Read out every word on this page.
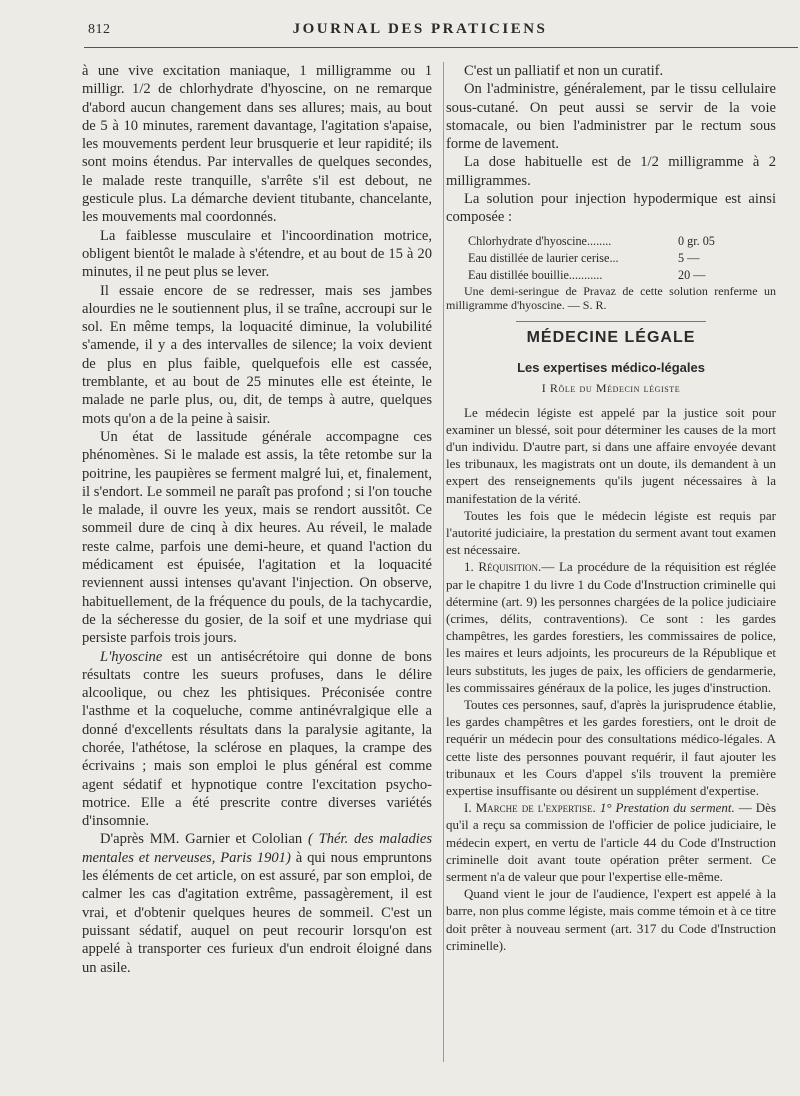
812	JOURNAL DES PRATICIENS

à une vive excitation maniaque, 1 milligramme ou 1 milligr. 1/2 de chlorhydrate d'hyoscine, on ne remarque d'abord aucun changement dans ses allures; mais, au bout de 5 à 10 minutes, rarement davantage, l'agitation s'apaise, les mouvements perdent leur brusquerie et leur rapidité; ils sont moins étendus. Par intervalles de quelques secondes, le malade reste tranquille, s'arrête s'il est debout, ne gesticule plus. La démarche devient titubante, chancelante, les mouvements mal coordonnés.

La faiblesse musculaire et l'incoordination motrice, obligent bientôt le malade à s'étendre, et au bout de 15 à 20 minutes, il ne peut plus se lever.

Il essaie encore de se redresser, mais ses jambes alourdies ne le soutiennent plus, il se traîne, accroupi sur le sol. En même temps, la loquacité diminue, la volubilité s'amende, il y a des intervalles de silence; la voix devient de plus en plus faible, quelquefois elle est cassée, tremblante, et au bout de 25 minutes elle est éteinte, le malade ne parle plus, ou, dit, de temps à autre, quelques mots qu'on a de la peine à saisir.

Un état de lassitude générale accompagne ces phénomènes. Si le malade est assis, la tête retombe sur la poitrine, les paupières se ferment malgré lui, et, finalement, il s'endort. Le sommeil ne paraît pas profond ; si l'on touche le malade, il ouvre les yeux, mais se rendort aussitôt. Ce sommeil dure de cinq à dix heures. Au réveil, le malade reste calme, parfois une demi-heure, et quand l'action du médicament est épuisée, l'agitation et la loquacité reviennent aussi intenses qu'avant l'injection. On observe, habituellement, de la fréquence du pouls, de la tachycardie, de la sécheresse du gosier, de la soif et une mydriase qui persiste parfois trois jours.

L'hyoscine est un antisécrétoire qui donne de bons résultats contre les sueurs profuses, dans le délire alcoolique, ou chez les phtisiques. Préconisée contre l'asthme et la coqueluche, comme antinévralgique elle a donné d'excellents résultats dans la paralysie agitante, la chorée, l'athétose, la sclérose en plaques, la crampe des écrivains ; mais son emploi le plus général est comme agent sédatif et hypnotique contre l'excitation psycho-motrice. Elle a été prescrite contre diverses variétés d'insomnie.

D'après MM. Garnier et Cololian ( Thér. des maladies mentales et nerveuses, Paris 1901) à qui nous empruntons les éléments de cet article, on est assuré, par son emploi, de calmer les cas d'agitation extrême, passagèrement, il est vrai, et d'obtenir quelques heures de sommeil. C'est un puissant sédatif, auquel on peut recourir lorsqu'on est appelé à transporter ces furieux d'un endroit éloigné dans un asile.

C'est un palliatif et non un curatif.

On l'administre, généralement, par le tissu cellulaire sous-cutané. On peut aussi se servir de la voie stomacale, ou bien l'administrer par le rectum sous forme de lavement.

La dose habituelle est de 1/2 milligramme à 2 milligrammes.

La solution pour injection hypodermique est ainsi composée :

Chlorhydrate d'hyoscine........	0 gr. 05
Eau distillée de laurier cerise...	5 —
Eau distillée bouillie...........	20 —

Une demi-seringue de Pravaz de cette solution renferme un milligramme d'hyoscine. — S. R.

MÉDECINE LÉGALE
Les expertises médico-légales
I Rôle du Médecin légiste

Le médecin légiste est appelé par la justice soit pour examiner un blessé, soit pour déterminer les causes de la mort d'un individu. D'autre part, si dans une affaire envoyée devant les tribunaux, les magistrats ont un doute, ils demandent à un expert des renseignements qu'ils jugent nécessaires à la manifestation de la vérité.

Toutes les fois que le médecin légiste est requis par l'autorité judiciaire, la prestation du serment avant tout examen est nécessaire.

1. Réquisition.— La procédure de la réquisition est réglée par le chapitre 1 du livre 1 du Code d'Instruction criminelle qui détermine (art. 9) les personnes chargées de la police judiciaire (crimes, délits, contraventions). Ce sont : les gardes champêtres, les gardes forestiers, les commissaires de police, les maires et leurs adjoints, les procureurs de la République et leurs substituts, les juges de paix, les officiers de gendarmerie, les commissaires généraux de la police, les juges d'instruction.

Toutes ces personnes, sauf, d'après la jurisprudence établie, les gardes champêtres et les gardes forestiers, ont le droit de requérir un médecin pour des consultations médico-légales. A cette liste des personnes pouvant requérir, il faut ajouter les tribunaux et les Cours d'appel s'ils trouvent la première expertise insuffisante ou désirent un supplément d'expertise.

I. Marche de l'expertise. 1° Prestation du serment. — Dès qu'il a reçu sa commission de l'officier de police judiciaire, le médecin expert, en vertu de l'article 44 du Code d'Instruction criminelle doit avant toute opération prêter serment. Ce serment n'a de valeur que pour l'expertise elle-même.

Quand vient le jour de l'audience, l'expert est appelé à la barre, non plus comme légiste, mais comme témoin et à ce titre doit prêter à nouveau serment (art. 317 du Code d'Instruction criminelle).
